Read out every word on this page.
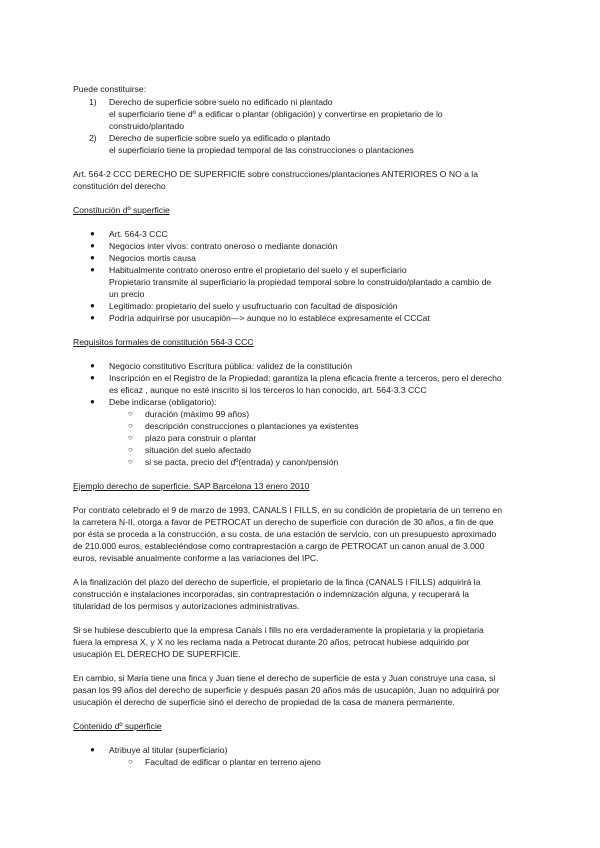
Puede constituirse:
1) Derecho de superficie sobre suelo no edificado ni plantado
el superficiario tiene dº a edificar o plantar (obligación) y convertirse en propietario de lo
construido/plantado
2) Derecho de superficie sobre suelo ya edificado o plantado
el superficiario tiene la propiedad temporal de las construcciones o plantaciones
Art. 564-2 CCC DERECHO DE SUPERFICIE sobre construcciones/plantaciones ANTERIORES O NO a la
constitución del derecho
Constitución dº superficie
● Art. 564-3 CCC
● Negocios inter vivos: contrato oneroso o mediante donación
● Negocios mortis causa
● Habitualmente contrato oneroso entre el propietario del suelo y el superficiario
Propietario transmite al superficiario la propiedad temporal sobre lo construido/plantado a cambio de
un precio
● Legitimado: propietario del suelo y usufructuario con facultad de disposición
● Podría adquirirse por usucapión—> aunque no lo establece expresamente el CCCat
Requisitos formales de constitución 564-3 CCC
● Negocio constitutivo Escritura pública: validez de la constitución
● Inscripción en el Registro de la Propiedad: garantiza la plena eficacia frente a terceros, pero el derecho
es eficaz , aunque no esté inscrito si los terceros lo han conocido, art. 564-3.3 CCC
● Debe indicarse (obligatorio):
○ duración (máximo 99 años)
○ descripción construcciones o plantaciones ya existentes
○ plazo para construir o plantar
○ situación del suelo afectado
○ si se pacta, precio del dº(entrada) y canon/pensión
Ejemplo derecho de superficie. SAP Barcelona 13 enero 2010
Por contrato celebrado el 9 de marzo de 1993, CANALS I FILLS, en su condición de propietaria de un terreno en
la carretera N-II, otorga a favor de PETROCAT un derecho de superficie con duración de 30 años, a fin de que
por ésta se proceda a la construcción, a su costa, de una estación de servicio, con un presupuesto aproximado
de 210.000 euros, estableciéndose como contraprestación a cargo de PETROCAT un canon anual de 3.000
euros, revisable anualmente conforme a las variaciones del IPC.
A la finalización del plazo del derecho de superficie, el propietario de la finca (CANALS i FILLS) adquirirá la
construcción e instalaciones incorporadas, sin contraprestación o indemnización alguna, y recuperará la
titularidad de los permisos y autorizaciones administrativas.
Si se hubiese descubierto que la empresa Canals i fills no era verdaderamente la propietaria y la propietaria
fuera la empresa X, y X no les reclama nada a Petrocat durante 20 años, petrocat hubiese adquirido por
usucapión EL DERECHO DE SUPERFICIE.
En cambio, si Maria tiene una finca y Juan tiene el derecho de superficie de esta y Juan construye una casa, si
pasan los 99 años del derecho de superficie y después pasan 20 años más de usucapión, Juan no adquirirá por
usucapión el derecho de superficie sinó el derecho de propiedad de la casa de manera permanente.
Contenido dº superficie
● Atribuye al titular (superficiario)
○ Facultad de edificar o plantar en terreno ajeno
